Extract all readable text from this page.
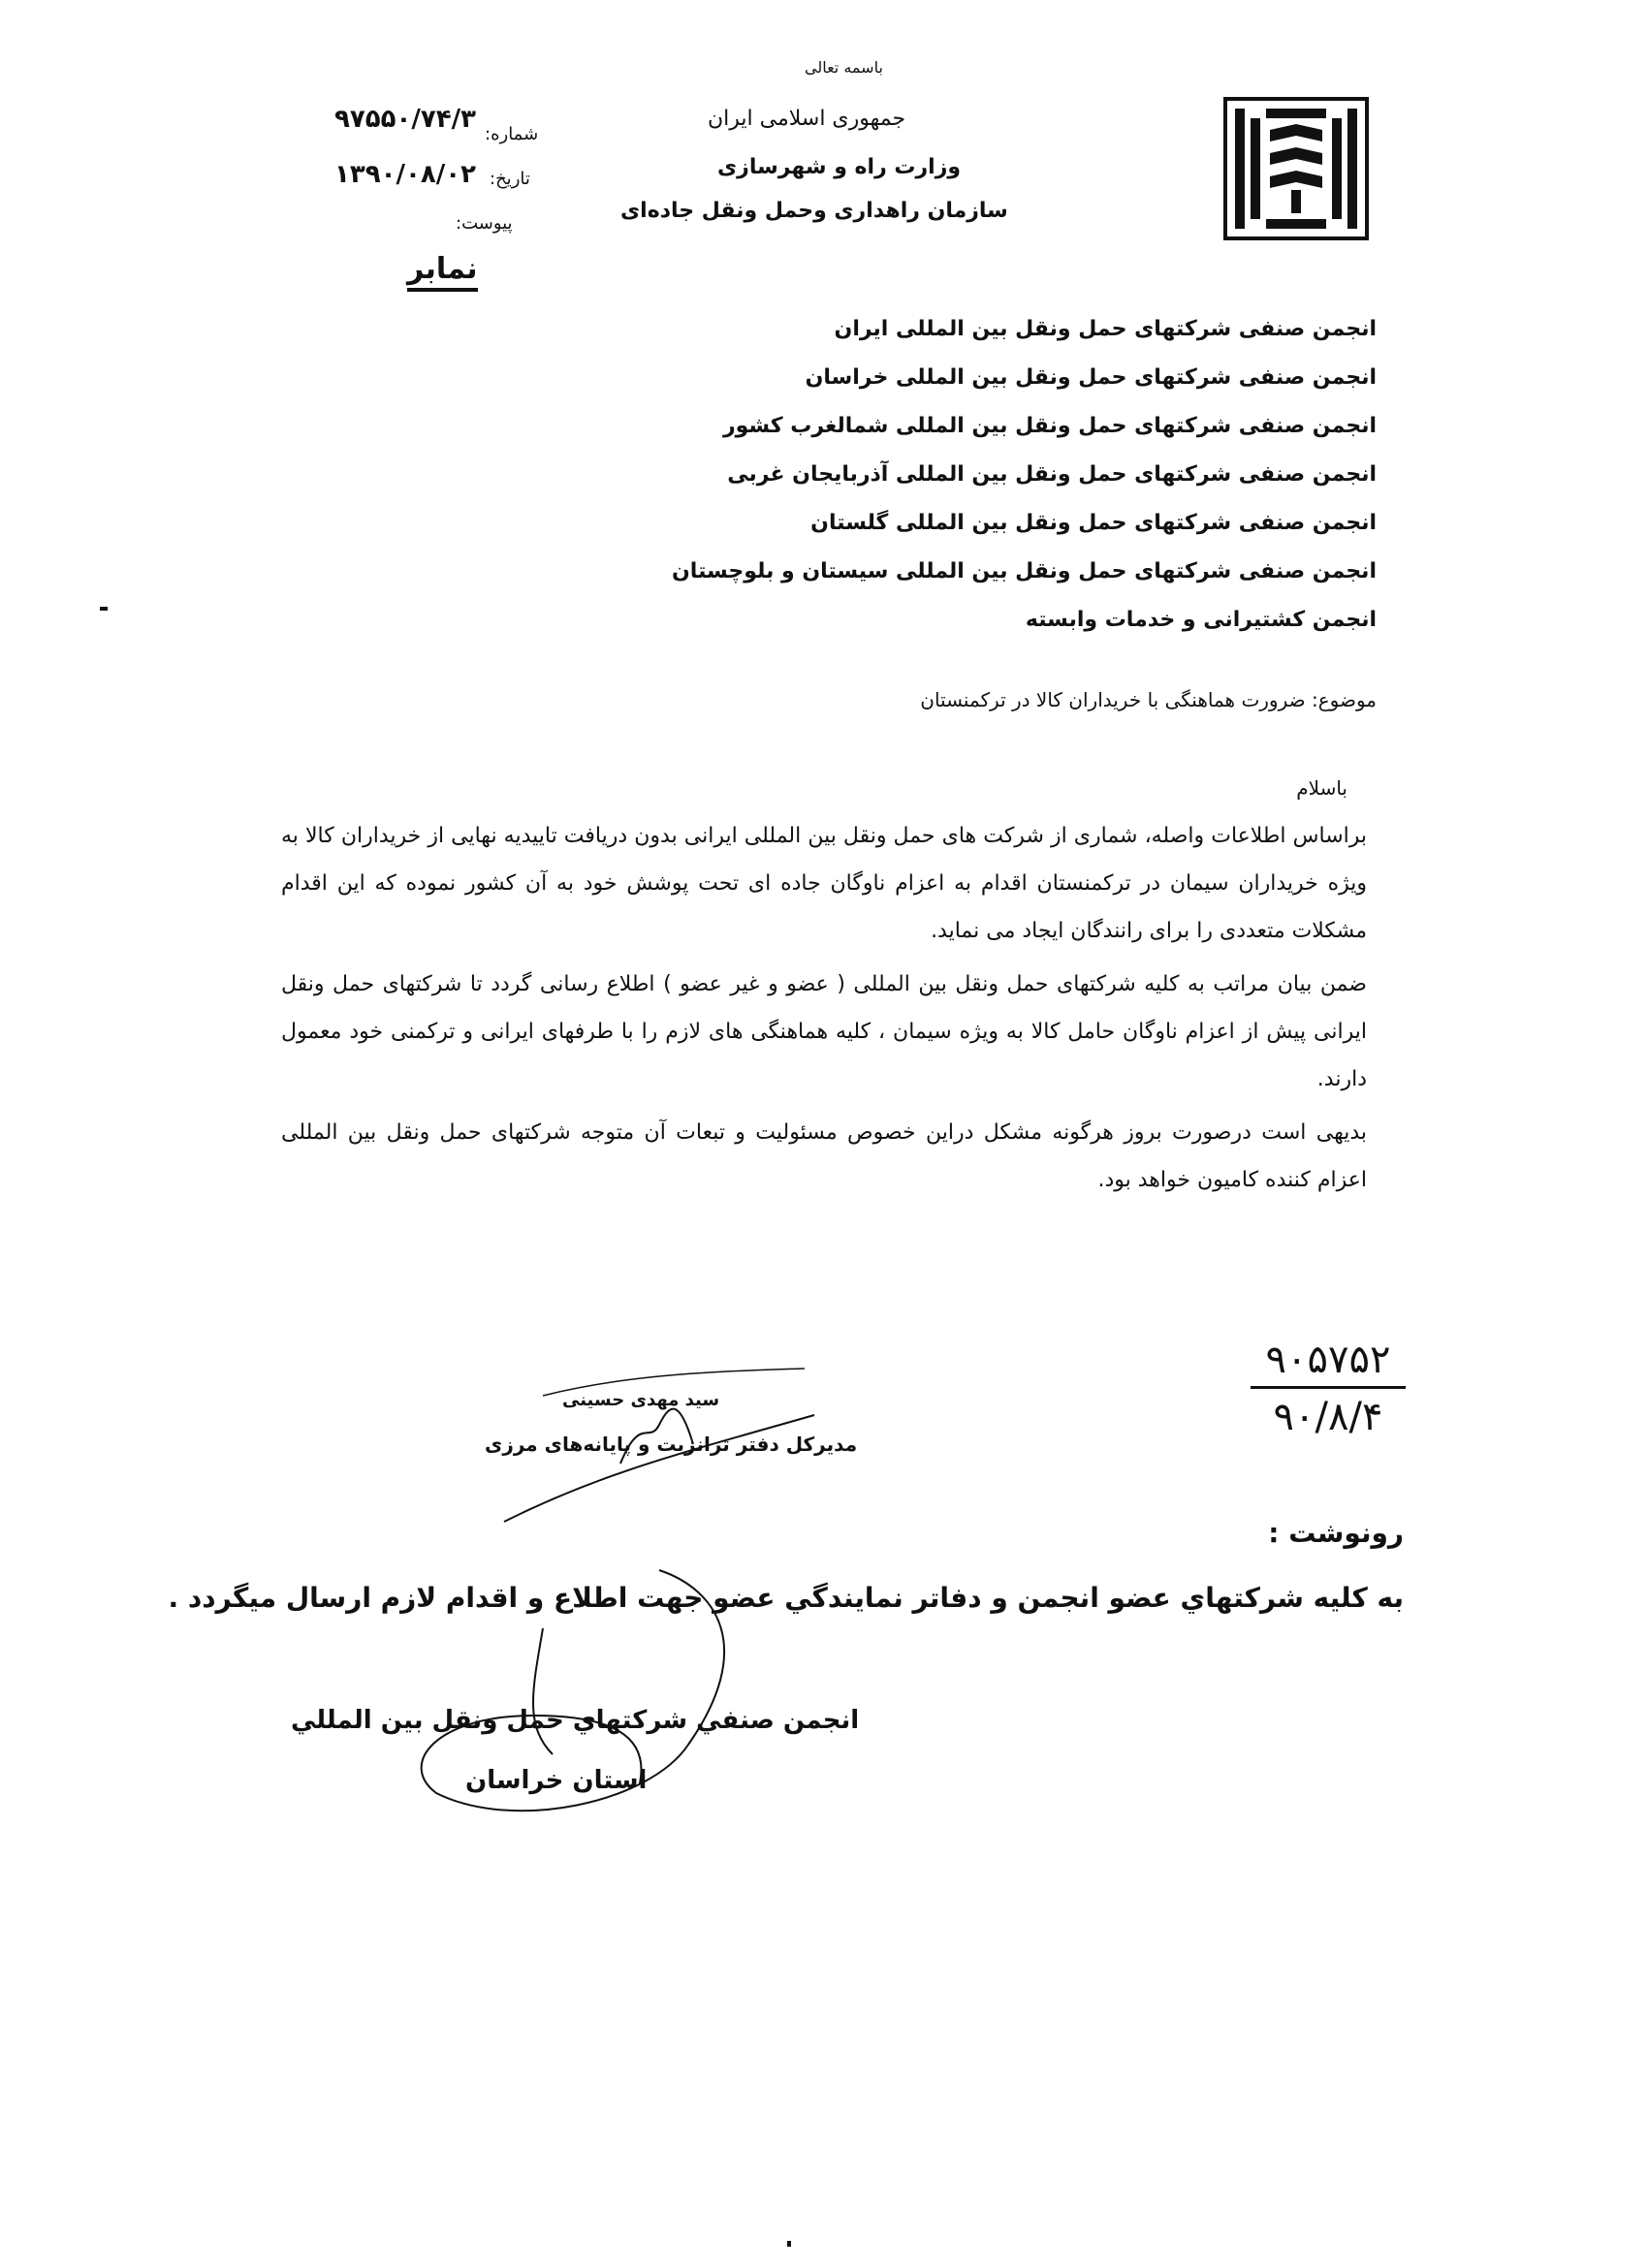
باسمه تعالی
جمهوری اسلامی ایران
وزارت راه و شهرسازی
سازمان راهداری وحمل ونقل جاده‌ای
شماره:
۹۷۵۵۰/۷۴/۳
تاریخ:
۱۳۹۰/۰۸/۰۲
پیوست:
نمابر
انجمن صنفی شرکتهای حمل ونقل بین المللی ایران
انجمن صنفی شرکتهای حمل ونقل بین المللی خراسان
انجمن صنفی شرکتهای حمل ونقل بین المللی شمالغرب کشور
انجمن صنفی شرکتهای حمل ونقل بین المللی آذربایجان غربی
انجمن صنفی شرکتهای حمل ونقل بین المللی گلستان
انجمن صنفی شرکتهای حمل ونقل بین المللی سیستان و بلوچستان
انجمن کشتیرانی و خدمات وابسته
موضوع: ضرورت هماهنگی با خریداران کالا در ترکمنستان
باسلام

براساس اطلاعات واصله، شماری از شرکت های حمل ونقل بین المللی ایرانی بدون دریافت تاییدیه نهایی از خریداران کالا به ویژه خریداران سیمان در ترکمنستان اقدام به اعزام ناوگان جاده ای تحت پوشش خود به آن کشور نموده که این اقدام مشکلات متعددی را برای رانندگان ایجاد می نماید.

ضمن بیان مراتب به کلیه شرکتهای حمل ونقل بین المللی ( عضو و غیر عضو ) اطلاع رسانی گردد تا شرکتهای حمل ونقل ایرانی پیش از اعزام ناوگان حامل کالا به ویژه سیمان ، کلیه هماهنگی های لازم را با طرفهای ایرانی و ترکمنی خود معمول دارند.

بدیهی است درصورت بروز هرگونه مشکل دراین خصوص مسئولیت و تبعات آن متوجه شرکتهای حمل ونقل بین المللی اعزام کننده کامیون خواهد بود.

۹۰۵۷۵۲
۹۰/۸/۴
سید مهدی حسینی
مدیرکل دفتر ترانزیت و پایانه‌های مرزی
رونوشت :
به کلیه شرکتهاي عضو انجمن و دفاتر نمایندگي عضو جهت اطلاع و اقدام لازم ارسال میگردد .
انجمن صنفي شرکتهاي حمل ونقل بین المللي
استان خراسان
